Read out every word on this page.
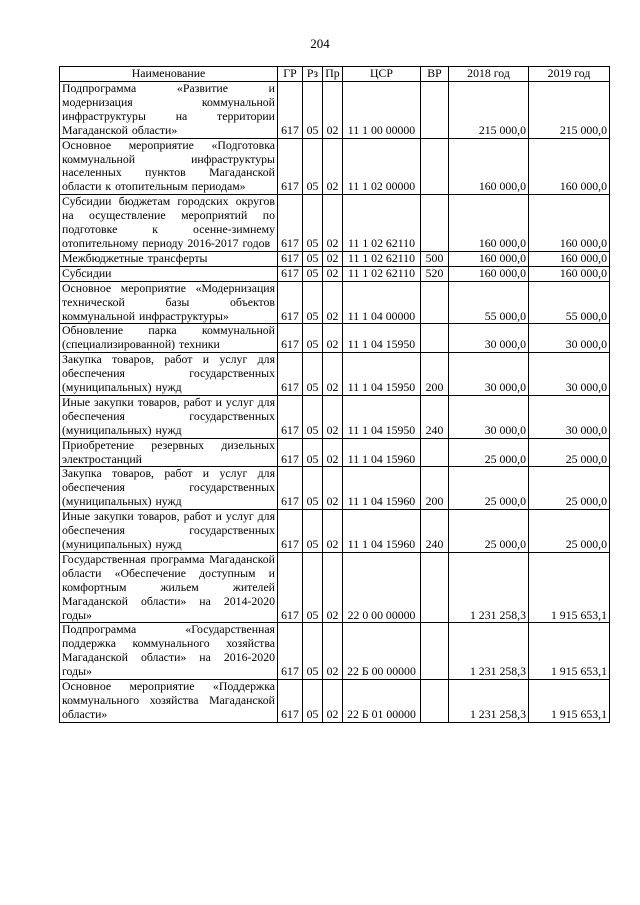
204
Наименование	ГР	Рз	Пр	ЦСР	ВР	2018 год	2019 год
Подпрограмма «Развитие и модернизация коммунальной инфраструктуры на территории Магаданской области»	617	05	02	11 1 00 00000		215 000,0	215 000,0
Основное мероприятие «Подготовка коммунальной инфраструктуры населенных пунктов Магаданской области к отопительным периодам»	617	05	02	11 1 02 00000		160 000,0	160 000,0
Субсидии бюджетам городских округов на осуществление мероприятий по подготовке к осенне-зимнему отопительному периоду 2016-2017 годов	617	05	02	11 1 02 62110		160 000,0	160 000,0
Межбюджетные трансферты	617	05	02	11 1 02 62110	500	160 000,0	160 000,0
Субсидии	617	05	02	11 1 02 62110	520	160 000,0	160 000,0
Основное мероприятие «Модернизация технической базы объектов коммунальной инфраструктуры»	617	05	02	11 1 04 00000		55 000,0	55 000,0
Обновление парка коммунальной (специализированной) техники	617	05	02	11 1 04 15950		30 000,0	30 000,0
Закупка товаров, работ и услуг для обеспечения государственных (муниципальных) нужд	617	05	02	11 1 04 15950	200	30 000,0	30 000,0
Иные закупки товаров, работ и услуг для обеспечения государственных (муниципальных) нужд	617	05	02	11 1 04 15950	240	30 000,0	30 000,0
Приобретение резервных дизельных электростанций	617	05	02	11 1 04 15960		25 000,0	25 000,0
Закупка товаров, работ и услуг для обеспечения государственных (муниципальных) нужд	617	05	02	11 1 04 15960	200	25 000,0	25 000,0
Иные закупки товаров, работ и услуг для обеспечения государственных (муниципальных) нужд	617	05	02	11 1 04 15960	240	25 000,0	25 000,0
Государственная программа Магаданской области «Обеспечение доступным и комфортным жильем жителей Магаданской области» на 2014-2020 годы»	617	05	02	22 0 00 00000		1 231 258,3	1 915 653,1
Подпрограмма «Государственная поддержка коммунального хозяйства Магаданской области» на 2016-2020 годы»	617	05	02	22 Б 00 00000		1 231 258,3	1 915 653,1
Основное мероприятие «Поддержка коммунального хозяйства Магаданской области»	617	05	02	22 Б 01 00000		1 231 258,3	1 915 653,1
